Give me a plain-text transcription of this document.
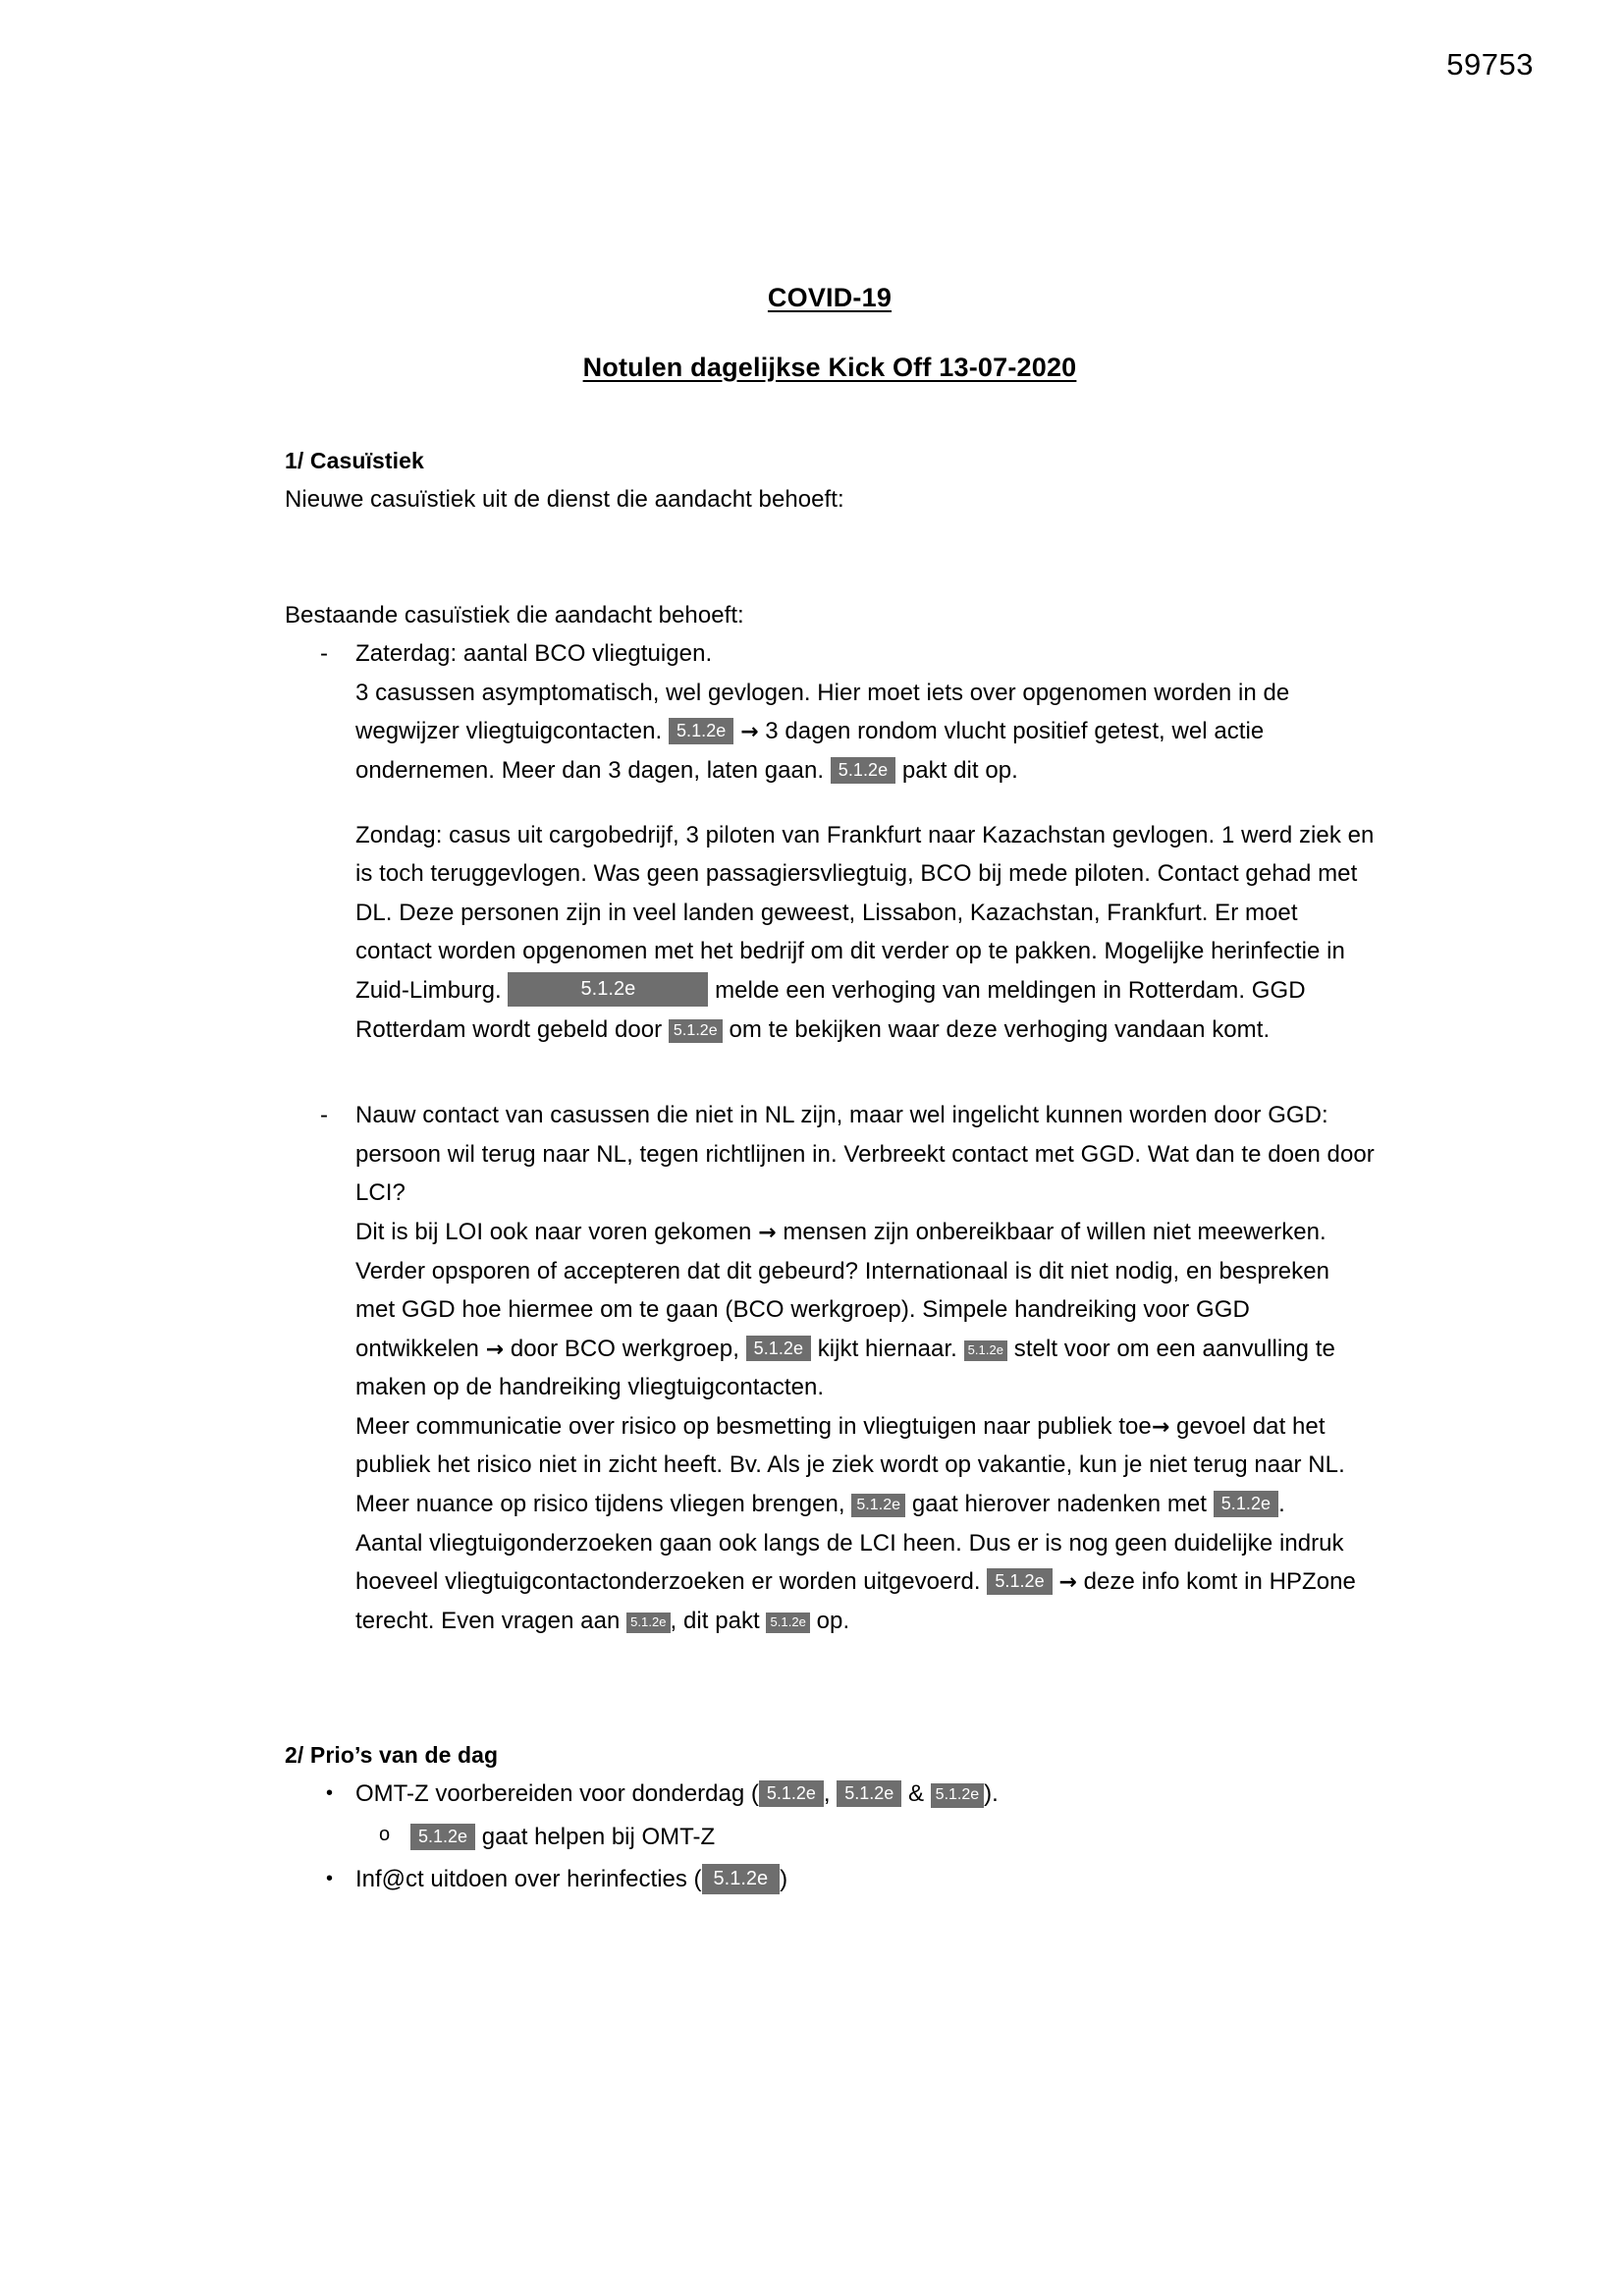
59753
COVID-19
Notulen dagelijkse Kick Off 13-07-2020
1/ Casuïstiek

Nieuwe casuïstiek uit de dienst die aandacht behoeft:

Bestaande casuïstiek die aandacht behoeft:

- Zaterdag: aantal BCO vliegtuigen.

3 casussen asymptomatisch, wel gevlogen. Hier moet iets over opgenomen worden in de wegwijzer vliegtuigcontacten. 5.1.2e → 3 dagen rondom vlucht positief getest, wel actie ondernemen. Meer dan 3 dagen, laten gaan. 5.1.2e pakt dit op.

Zondag: casus uit cargobedrijf, 3 piloten van Frankfurt naar Kazachstan gevlogen. 1 werd ziek en is toch teruggevlogen. Was geen passagiersvliegtuig, BCO bij mede piloten. Contact gehad met DL. Deze personen zijn in veel landen geweest, Lissabon, Kazachstan, Frankfurt. Er moet contact worden opgenomen met het bedrijf om dit verder op te pakken. Mogelijke herinfectie in Zuid-Limburg.	5.1.2e	melde een verhoging van meldingen in Rotterdam. GGD Rotterdam wordt gebeld door 5.1.2e om te bekijken waar deze verhoging vandaan komt.

- Nauw contact van casussen die niet in NL zijn, maar wel ingelicht kunnen worden door GGD: persoon wil terug naar NL, tegen richtlijnen in. Verbreekt contact met GGD. Wat dan te doen door LCI?

Dit is bij LOI ook naar voren gekomen → mensen zijn onbereikbaar of willen niet meewerken.

Verder opsporen of accepteren dat dit gebeurd? Internationaal is dit niet nodig, en bespreken met GGD hoe hiermee om te gaan (BCO werkgroep). Simpele handreiking voor GGD ontwikkelen → door BCO werkgroep, 5.1.2e kijkt hiernaar. 5.1.2e stelt voor om een aanvulling te maken op de handreiking vliegtuigcontacten.

Meer communicatie over risico op besmetting in vliegtuigen naar publiek toe→ gevoel dat het publiek het risico niet in zicht heeft. Bv. Als je ziek wordt op vakantie, kun je niet terug naar NL. Meer nuance op risico tijdens vliegen brengen, 5.1.2e gaat hierover nadenken met 5.1.2e .

Aantal vliegtuigonderzoeken gaan ook langs de LCI heen. Dus er is nog geen duidelijke indruk hoeveel vliegtuigcontactonderzoeken er worden uitgevoerd. 5.1.2e → deze info komt in HPZone terecht. Even vragen aan 5.1.2e , dit pakt 5.1.2e op.

2/ Prio’s van de dag
• OMT-Z voorbereiden voor donderdag ( 5.1.2e , 5.1.2e & 5.1.2e ).
o 5.1.2e gaat helpen bij OMT-Z
• Inf@ct uitdoen over herinfecties ( 5.1.2e )
